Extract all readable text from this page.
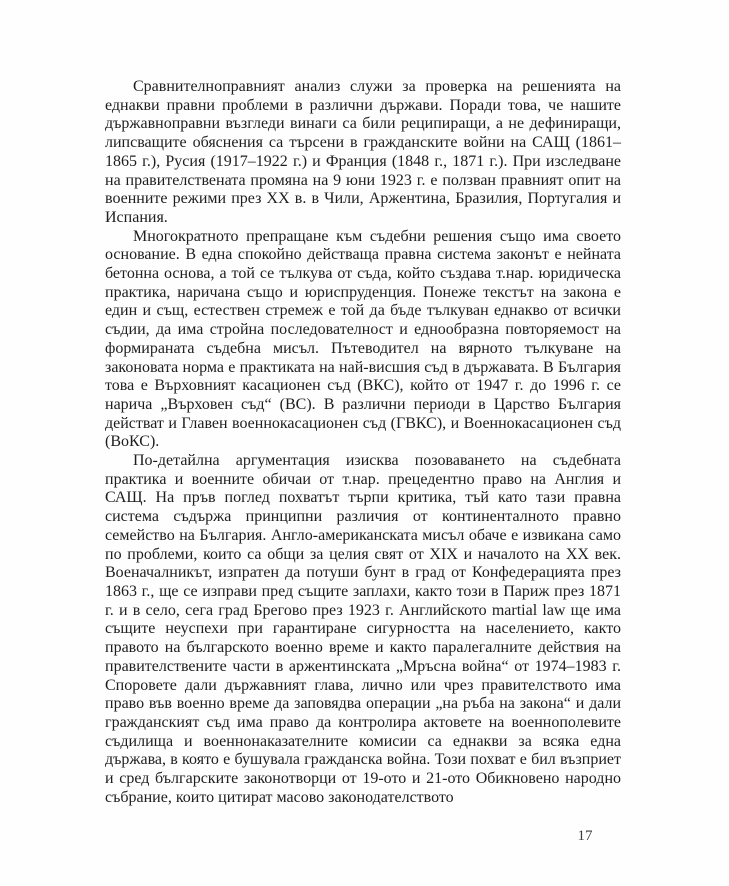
Сравнителноправният анализ служи за проверка на решенията на еднакви правни проблеми в различни държави. Поради това, че нашите държавноправни възгледи винаги са били реципиращи, а не дефиниращи, липсващите обяснения са търсени в гражданските войни на САЩ (1861–1865 г.), Русия (1917–1922 г.) и Франция (1848 г., 1871 г.). При изследване на правителствената промяна на 9 юни 1923 г. е ползван правният опит на военните режими през XX в. в Чили, Аржентина, Бразилия, Португалия и Испания.

Многократното препращане към съдебни решения също има своето основание. В една спокойно действаща правна система законът е нейната бетонна основа, а той се тълкува от съда, който създава т.нар. юридическа практика, наричана също и юриспруденция. Понеже текстът на закона е един и същ, естествен стремеж е той да бъде тълкуван еднакво от всички съдии, да има стройна последователност и еднообразна повторяемост на формираната съдебна мисъл. Пътеводител на вярното тълкуване на законовата норма е практиката на най-висшия съд в държавата. В България това е Върховният касационен съд (ВКС), който от 1947 г. до 1996 г. се нарича „Върховен съд“ (ВС). В различни периоди в Царство България действат и Главен военнокасационен съд (ГВКС), и Военнокасационен съд (ВоКС).

По-детайлна аргументация изисква позоваването на съдебната практика и военните обичаи от т.нар. прецедентно право на Англия и САЩ. На пръв поглед похватът търпи критика, тъй като тази правна система съдържа принципни различия от континенталното правно семейство на България. Англо-американската мисъл обаче е извикана само по проблеми, които са общи за целия свят от XIX и началото на XX век. Военачалникът, изпратен да потуши бунт в град от Конфедерацията през 1863 г., ще се изправи пред същите заплахи, както този в Париж през 1871 г. и в село, сега град Брегово през 1923 г. Английското martial law ще има същите неуспехи при гарантиране сигурността на населението, както правото на българското военно време и както паралегалните действия на правителствените части в аржентинската „Мръсна война“ от 1974–1983 г. Споровете дали държавният глава, лично или чрез правителството има право във военно време да заповядва операции „на ръба на закона“ и дали гражданският съд има право да контролира актовете на военнополевите съдилища и военнонаказателните комисии са еднакви за всяка една държава, в която е бушувала гражданска война. Този похват е бил възприет и сред българските законотворци от 19-ото и 21-ото Обикновено народно събрание, които цитират масово законодателството

17
